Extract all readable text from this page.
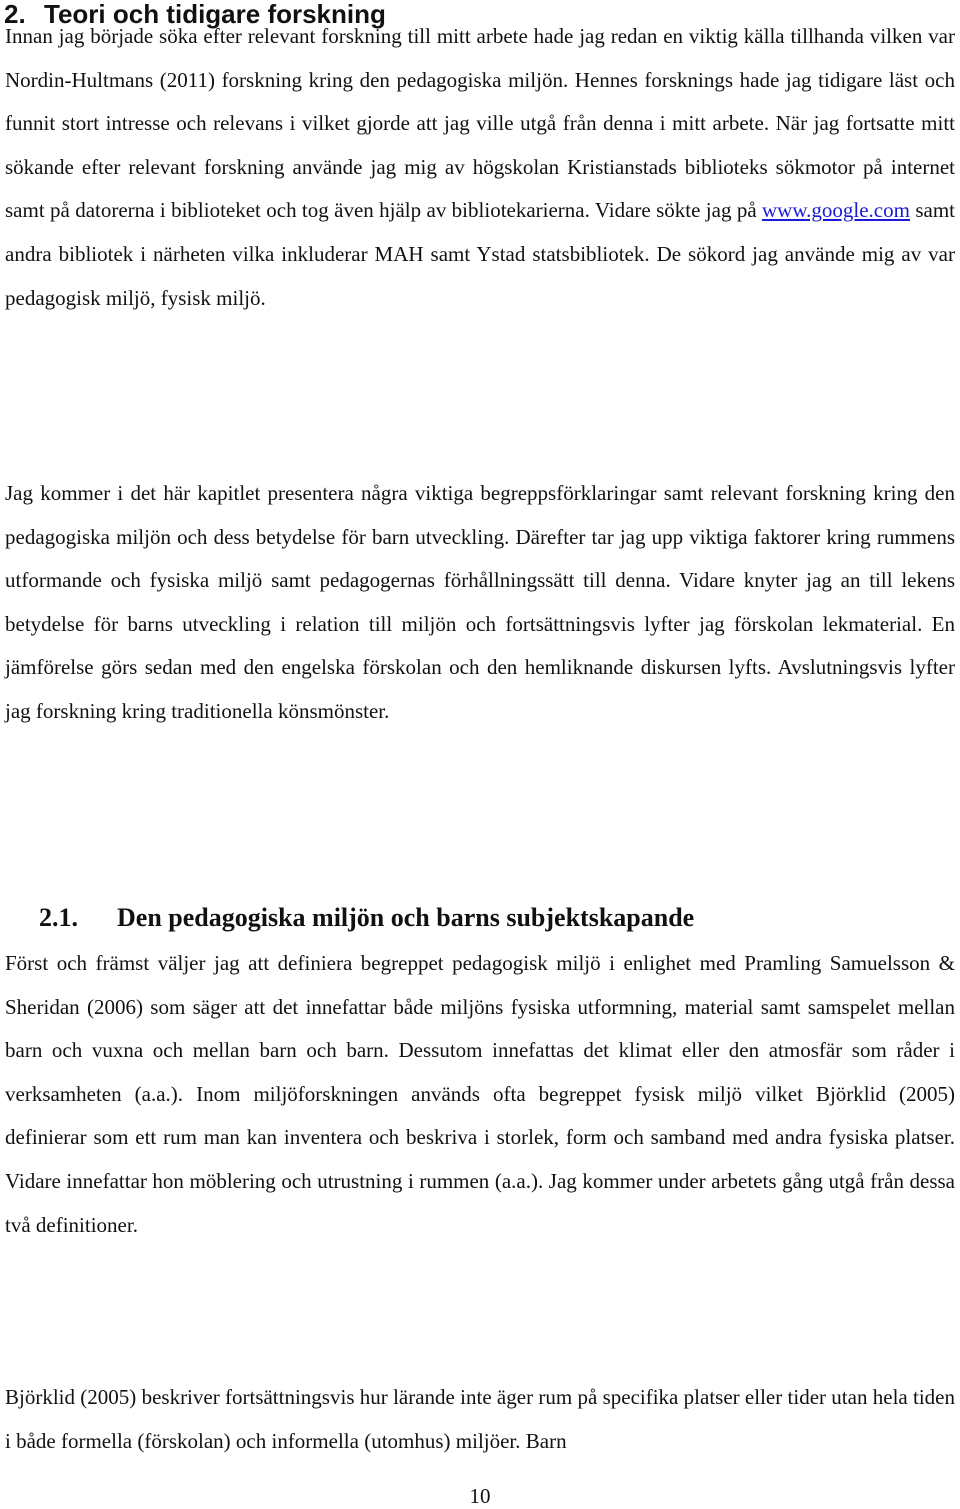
2. Teori och tidigare forskning

Innan jag började söka efter relevant forskning till mitt arbete hade jag redan en viktig källa tillhanda vilken var Nordin-Hultmans (2011) forskning kring den pedagogiska miljön. Hennes forsknings hade jag tidigare läst och funnit stort intresse och relevans i vilket gjorde att jag ville utgå från denna i mitt arbete. När jag fortsatte mitt sökande efter relevant forskning använde jag mig av högskolan Kristianstads biblioteks sökmotor på internet samt på datorerna i biblioteket och tog även hjälp av bibliotekarierna. Vidare sökte jag på www.google.com samt andra bibliotek i närheten vilka inkluderar MAH samt Ystad statsbibliotek. De sökord jag använde mig av var pedagogisk miljö, fysisk miljö.

Jag kommer i det här kapitlet presentera några viktiga begreppsförklaringar samt relevant forskning kring den pedagogiska miljön och dess betydelse för barn utveckling. Därefter tar jag upp viktiga faktorer kring rummens utformande och fysiska miljö samt pedagogernas förhållningssätt till denna. Vidare knyter jag an till lekens betydelse för barns utveckling i relation till miljön och fortsättningsvis lyfter jag förskolan lekmaterial. En jämförelse görs sedan med den engelska förskolan och den hemliknande diskursen lyfts. Avslutningsvis lyfter jag forskning kring traditionella könsmönster.

2.1. Den pedagogiska miljön och barns subjektskapande

Först och främst väljer jag att definiera begreppet pedagogisk miljö i enlighet med Pramling Samuelsson & Sheridan (2006) som säger att det innefattar både miljöns fysiska utformning, material samt samspelet mellan barn och vuxna och mellan barn och barn. Dessutom innefattas det klimat eller den atmosfär som råder i verksamheten (a.a.). Inom miljöforskningen används ofta begreppet fysisk miljö vilket Björklid (2005) definierar som ett rum man kan inventera och beskriva i storlek, form och samband med andra fysiska platser. Vidare innefattar hon möblering och utrustning i rummen (a.a.). Jag kommer under arbetets gång utgå från dessa två definitioner.

Björklid (2005) beskriver fortsättningsvis hur lärande inte äger rum på specifika platser eller tider utan hela tiden i både formella (förskolan) och informella (utomhus) miljöer. Barn

10
